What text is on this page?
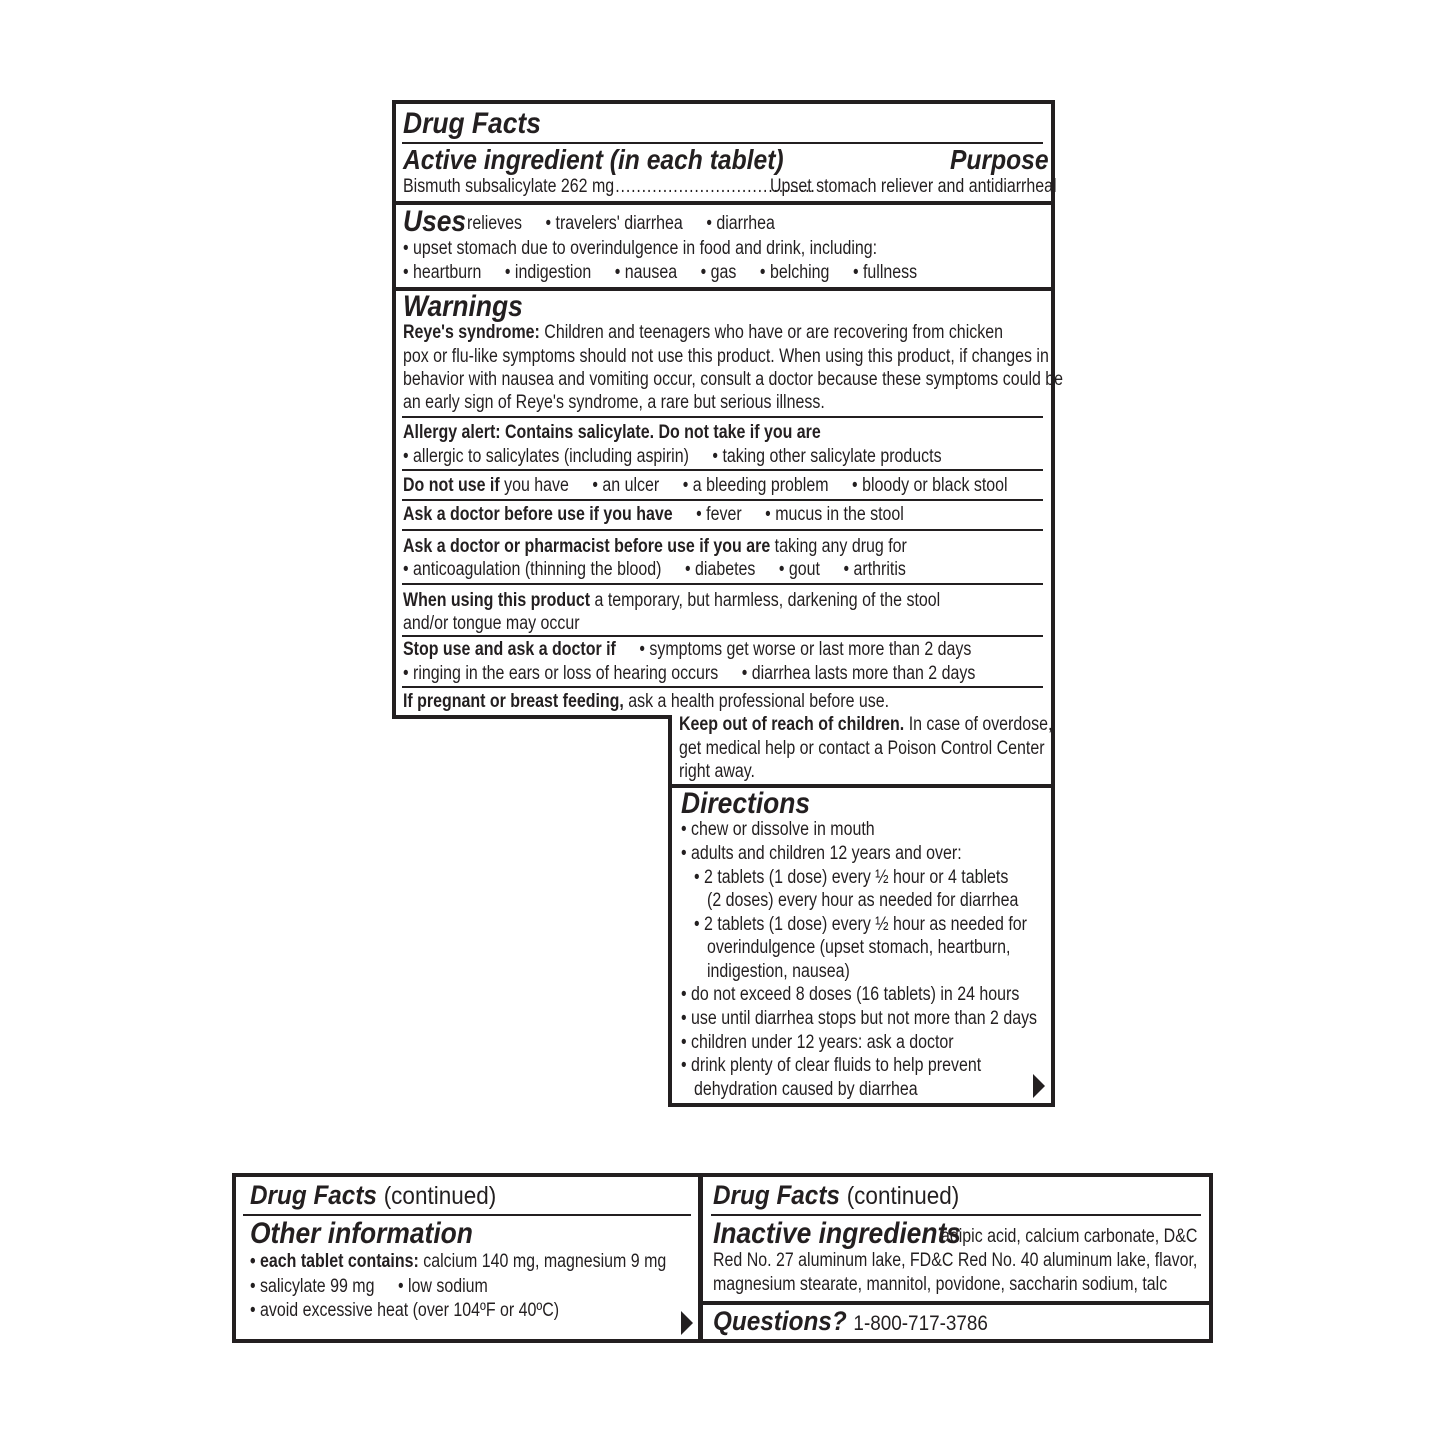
Drug Facts
Active ingredient (in each tablet)	Purpose
Bismuth subsalicylate 262 mg
.......................................
Upset stomach reliever and antidiarrheal
Uses relieves • travelers' diarrhea • diarrhea
• upset stomach due to overindulgence in food and drink, including:
• heartburn • indigestion • nausea • gas • belching • fullness
Warnings
Reye's syndrome: Children and teenagers who have or are recovering from chicken
pox or flu-like symptoms should not use this product. When using this product, if changes in
behavior with nausea and vomiting occur, consult a doctor because these symptoms could be
an early sign of Reye's syndrome, a rare but serious illness.
Allergy alert: Contains salicylate. Do not take if you are
• allergic to salicylates (including aspirin) • taking other salicylate products
Do not use if you have • an ulcer • a bleeding problem • bloody or black stool
Ask a doctor before use if you have • fever • mucus in the stool
Ask a doctor or pharmacist before use if you are taking any drug for
• anticoagulation (thinning the blood) • diabetes • gout • arthritis
When using this product a temporary, but harmless, darkening of the stool
and/or tongue may occur
Stop use and ask a doctor if • symptoms get worse or last more than 2 days
• ringing in the ears or loss of hearing occurs • diarrhea lasts more than 2 days
If pregnant or breast feeding, ask a health professional before use.
Keep out of reach of children. In case of overdose,
get medical help or contact a Poison Control Center
right away.
Directions
• chew or dissolve in mouth
• adults and children 12 years and over:
• 2 tablets (1 dose) every ½ hour or 4 tablets
(2 doses) every hour as needed for diarrhea
• 2 tablets (1 dose) every ½ hour as needed for
overindulgence (upset stomach, heartburn,
indigestion, nausea)
• do not exceed 8 doses (16 tablets) in 24 hours
• use until diarrhea stops but not more than 2 days
• children under 12 years: ask a doctor
• drink plenty of clear fluids to help prevent
dehydration caused by diarrhea
Drug Facts (continued)
Other information
• each tablet contains: calcium 140 mg, magnesium 9 mg
• salicylate 99 mg • low sodium
• avoid excessive heat (over 104ºF or 40ºC)
Drug Facts (continued)
Inactive ingredients
adipic acid, calcium carbonate, D&C
Red No. 27 aluminum lake, FD&C Red No. 40 aluminum lake, flavor,
magnesium stearate, mannitol, povidone, saccharin sodium, talc
Questions? 1-800-717-3786
